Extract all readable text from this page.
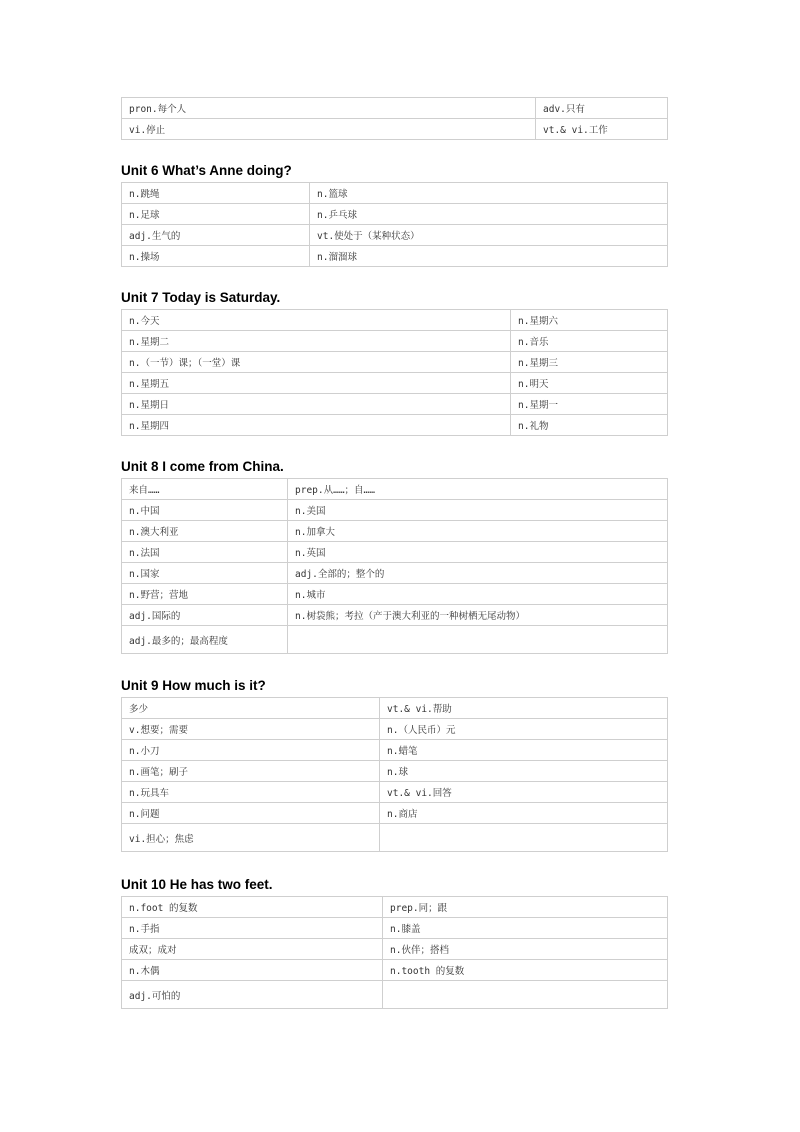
pron.每个人	adv.只有
vi.停止	vt.& vi.工作
Unit 6 What’s Anne doing?
n.跳绳	n.篮球
n.足球	n.乒乓球
adj.生气的	vt.使处于（某种状态）
n.操场	n.溜溜球
Unit 7 Today is Saturday.
n.今天	n.星期六
n.星期二	n.音乐
n.（一节）课；（一堂）课	n.星期三
n.星期五	n.明天
n.星期日	n.星期一
n.星期四	n.礼物
Unit 8 I come from China.
来自……	prep.从……；自……
n.中国	n.美国
n.澳大利亚	n.加拿大
n.法国	n.英国
n.国家	adj.全部的；整个的
n.野营；营地	n.城市
adj.国际的	n.树袋熊；考拉（产于澳大利亚的一种树栖无尾动物）
adj.最多的；最高程度	
Unit 9 How much is it?
多少	vt.& vi.帮助
v.想要；需要	n.（人民币）元
n.小刀	n.蜡笔
n.画笔；刷子	n.球
n.玩具车	vt.& vi.回答
n.问题	n.商店
vi.担心；焦虑	
Unit 10 He has two feet.
n.foot 的复数	prep.同；跟
n.手指	n.膝盖
成双；成对	n.伙伴；搭档
n.木偶	n.tooth 的复数
adj.可怕的	
